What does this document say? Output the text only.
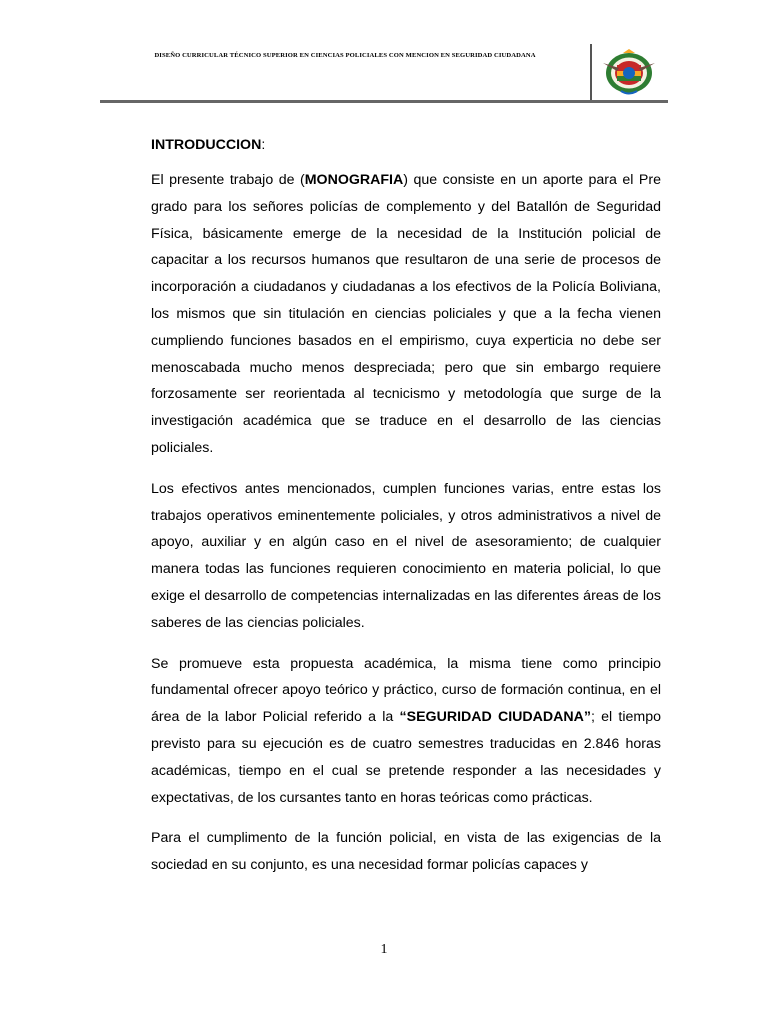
DISEÑO CURRICULAR TÉCNICO SUPERIOR EN CIENCIAS POLICIALES CON MENCION EN SEGURIDAD CIUDADANA

INTRODUCCION:

El presente trabajo de (MONOGRAFIA) que consiste en un aporte para el Pre grado para los señores policías de complemento y del Batallón de Seguridad Física, básicamente emerge de la necesidad de la Institución policial de capacitar a los recursos humanos que resultaron de una serie de procesos de incorporación a ciudadanos y ciudadanas a los efectivos de la Policía Boliviana, los mismos que sin titulación en ciencias policiales y que a la fecha vienen cumpliendo funciones basados en el empirismo, cuya experticia no debe ser menoscabada mucho menos despreciada; pero que sin embargo requiere forzosamente ser reorientada al tecnicismo y metodología que surge de la investigación académica que se traduce en el desarrollo de las ciencias policiales.

Los efectivos antes mencionados, cumplen funciones varias, entre estas los trabajos operativos eminentemente policiales, y otros administrativos a nivel de apoyo, auxiliar y en algún caso en el nivel de asesoramiento; de cualquier manera todas las funciones requieren conocimiento en materia policial, lo que exige el desarrollo de competencias internalizadas en las diferentes áreas de los saberes de las ciencias policiales.

Se promueve esta propuesta académica, la misma tiene como principio fundamental ofrecer apoyo teórico y práctico, curso de formación continua, en el área de la labor Policial referido a la “SEGURIDAD CIUDADANA”; el tiempo previsto para su ejecución es de cuatro semestres traducidas en 2.846 horas académicas, tiempo en el cual se pretende responder a las necesidades y expectativas, de los cursantes tanto en horas teóricas como prácticas.

Para el cumplimento de la función policial, en vista de las exigencias de la sociedad en su conjunto, es una necesidad formar policías capaces y

1
